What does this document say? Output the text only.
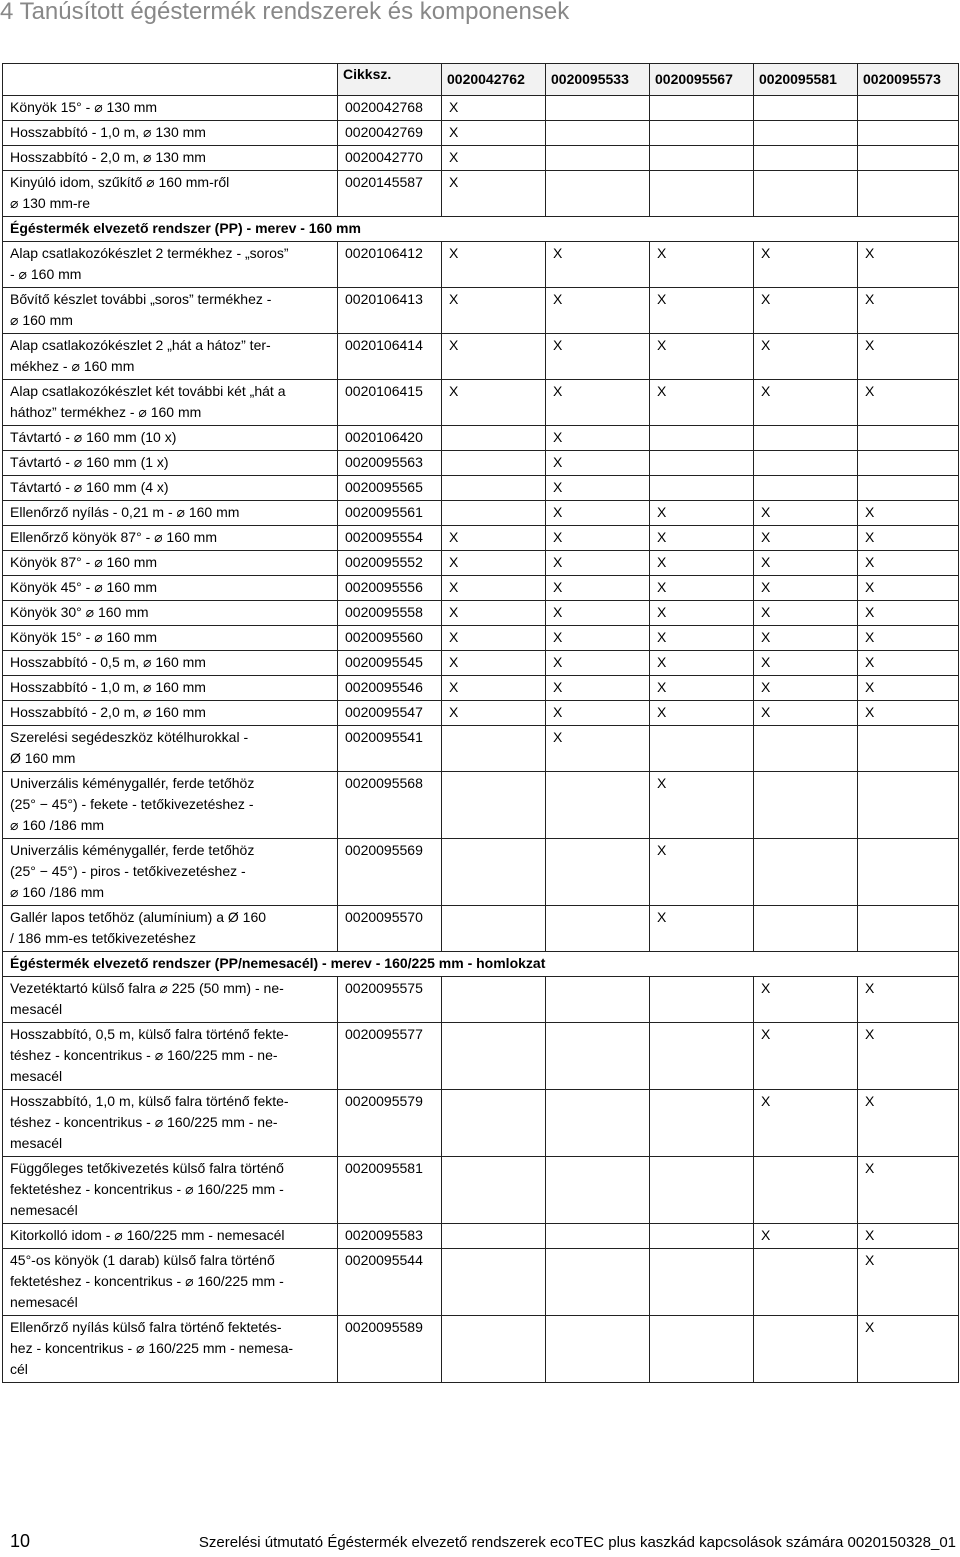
4 Tanúsított égéstermék rendszerek és komponensek
	Cikksz.	0020042762	0020095533	0020095567	0020095581	0020095573
Könyök 15° - ⌀ 130 mm	0020042768	X				
Hosszabbító - 1,0 m, ⌀ 130 mm	0020042769	X				
Hosszabbító - 2,0 m, ⌀ 130 mm	0020042770	X				
Kinyúló idom, szűkítő ⌀ 160 mm-ről
⌀ 130 mm-re	0020145587	X				
Égéstermék elvezető rendszer (PP) - merev - 160 mm						
Alap csatlakozókészlet 2 termékhez - „soros”
- ⌀ 160 mm	0020106412	X	X	X	X	X
Bővítő készlet további „soros” termékhez -
⌀ 160 mm	0020106413	X	X	X	X	X
Alap csatlakozókészlet 2 „hát a hátoz” ter-
mékhez - ⌀ 160 mm	0020106414	X	X	X	X	X
Alap csatlakozókészlet két további két „hát a
háthoz” termékhez - ⌀ 160 mm	0020106415	X	X	X	X	X
Távtartó - ⌀ 160 mm (10 x)	0020106420		X			
Távtartó - ⌀ 160 mm (1 x)	0020095563		X			
Távtartó - ⌀ 160 mm (4 x)	0020095565		X			
Ellenőrző nyílás - 0,21 m - ⌀ 160 mm	0020095561		X	X	X	X
Ellenőrző könyök 87° - ⌀ 160 mm	0020095554	X	X	X	X	X
Könyök 87° - ⌀ 160 mm	0020095552	X	X	X	X	X
Könyök 45° - ⌀ 160 mm	0020095556	X	X	X	X	X
Könyök 30° ⌀ 160 mm	0020095558	X	X	X	X	X
Könyök 15° - ⌀ 160 mm	0020095560	X	X	X	X	X
Hosszabbító - 0,5 m, ⌀ 160 mm	0020095545	X	X	X	X	X
Hosszabbító - 1,0 m, ⌀ 160 mm	0020095546	X	X	X	X	X
Hosszabbító - 2,0 m, ⌀ 160 mm	0020095547	X	X	X	X	X
Szerelési segédeszköz kötélhurokkal -
Ø 160 mm	0020095541		X			
Univerzális kéménygallér, ferde tetőhöz
(25° − 45°) - fekete - tetőkivezetéshez -
⌀ 160 /186 mm	0020095568			X		
Univerzális kéménygallér, ferde tetőhöz
(25° − 45°) - piros - tetőkivezetéshez -
⌀ 160 /186 mm	0020095569			X		
Gallér lapos tetőhöz (alumínium) a Ø 160
/ 186 mm-es tetőkivezetéshez	0020095570			X		
Égéstermék elvezető rendszer (PP/nemesacél) - merev - 160/225 mm - homlokzat						
Vezetéktartó külső falra ⌀ 225 (50 mm) - ne-
mesacél	0020095575				X	X
Hosszabbító, 0,5 m, külső falra történő fekte-
téshez - koncentrikus - ⌀ 160/225 mm - ne-
mesacél	0020095577				X	X
Hosszabbító, 1,0 m, külső falra történő fekte-
téshez - koncentrikus - ⌀ 160/225 mm - ne-
mesacél	0020095579				X	X
Függőleges tetőkivezetés külső falra történő
fektetéshez - koncentrikus - ⌀ 160/225 mm -
nemesacél	0020095581					X
Kitorkolló idom - ⌀ 160/225 mm - nemesacél	0020095583				X	X
45°-os könyök (1 darab) külső falra történő
fektetéshez - koncentrikus - ⌀ 160/225 mm -
nemesacél	0020095544					X
Ellenőrző nyílás külső falra történő fektetés-
hez - koncentrikus - ⌀ 160/225 mm - nemesa-
cél	0020095589					X
10	Szerelési útmutató Égéstermék elvezető rendszerek ecoTEC plus kaszkád kapcsolások számára 0020150328_01
